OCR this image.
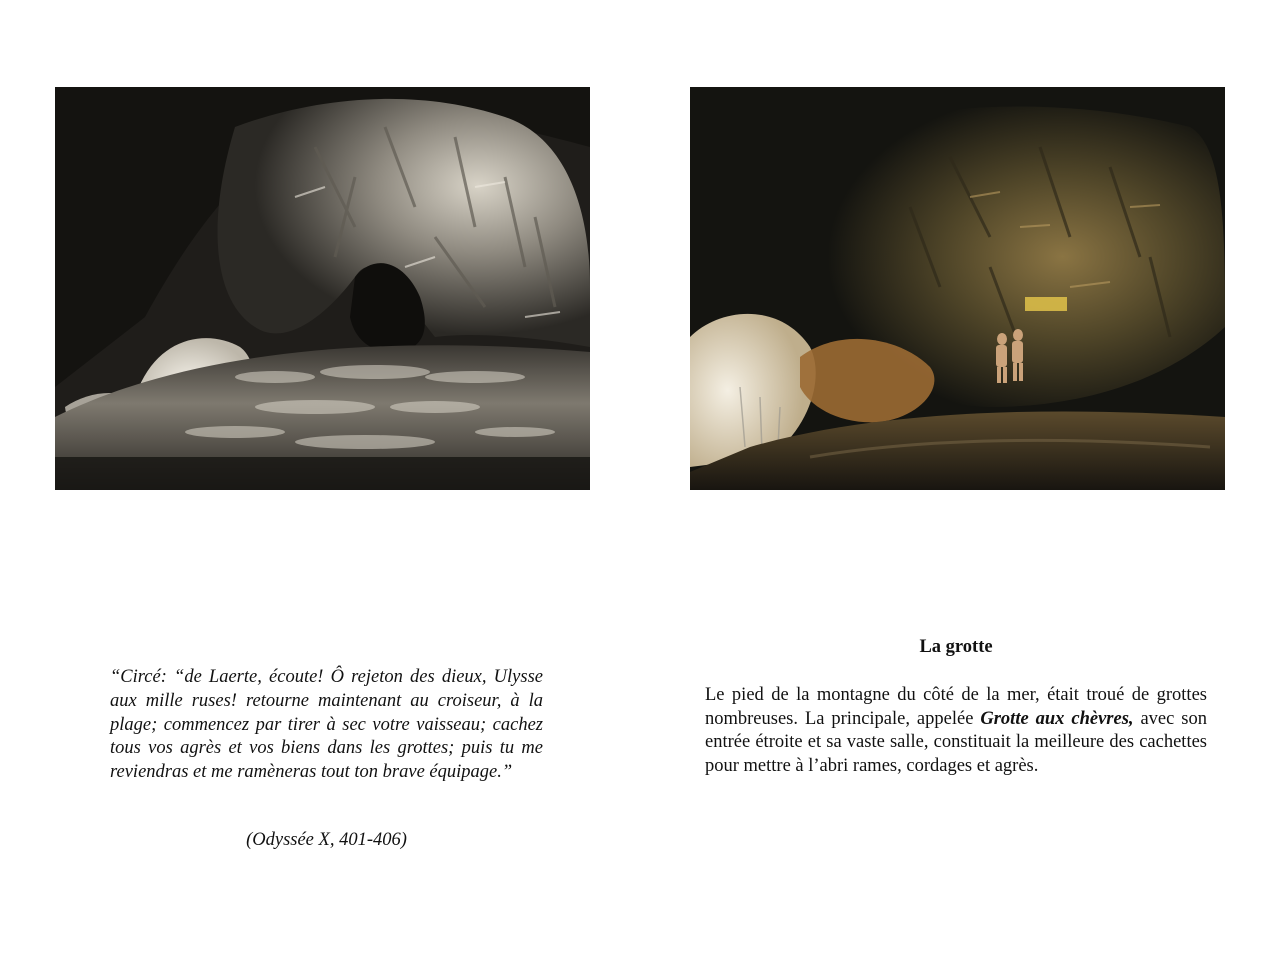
“Circé: “de Laerte, écoute! Ô rejeton des dieux, Ulysse aux mille ruses! retourne maintenant au croiseur, à la plage; commencez par tirer à sec votre vaisseau; cachez tous vos agrès et vos biens dans les grottes; puis tu me reviendras et me ramèneras tout ton brave équipage.”
(Odyssée X, 401-406)
La grotte
Le pied de la montagne du côté de la mer, était troué de grottes nombreuses. La principale, appelée Grotte aux chèvres, avec son entrée étroite et sa vaste salle, constituait la meilleure des cachettes pour mettre à l’abri rames, cordages et agrès.
